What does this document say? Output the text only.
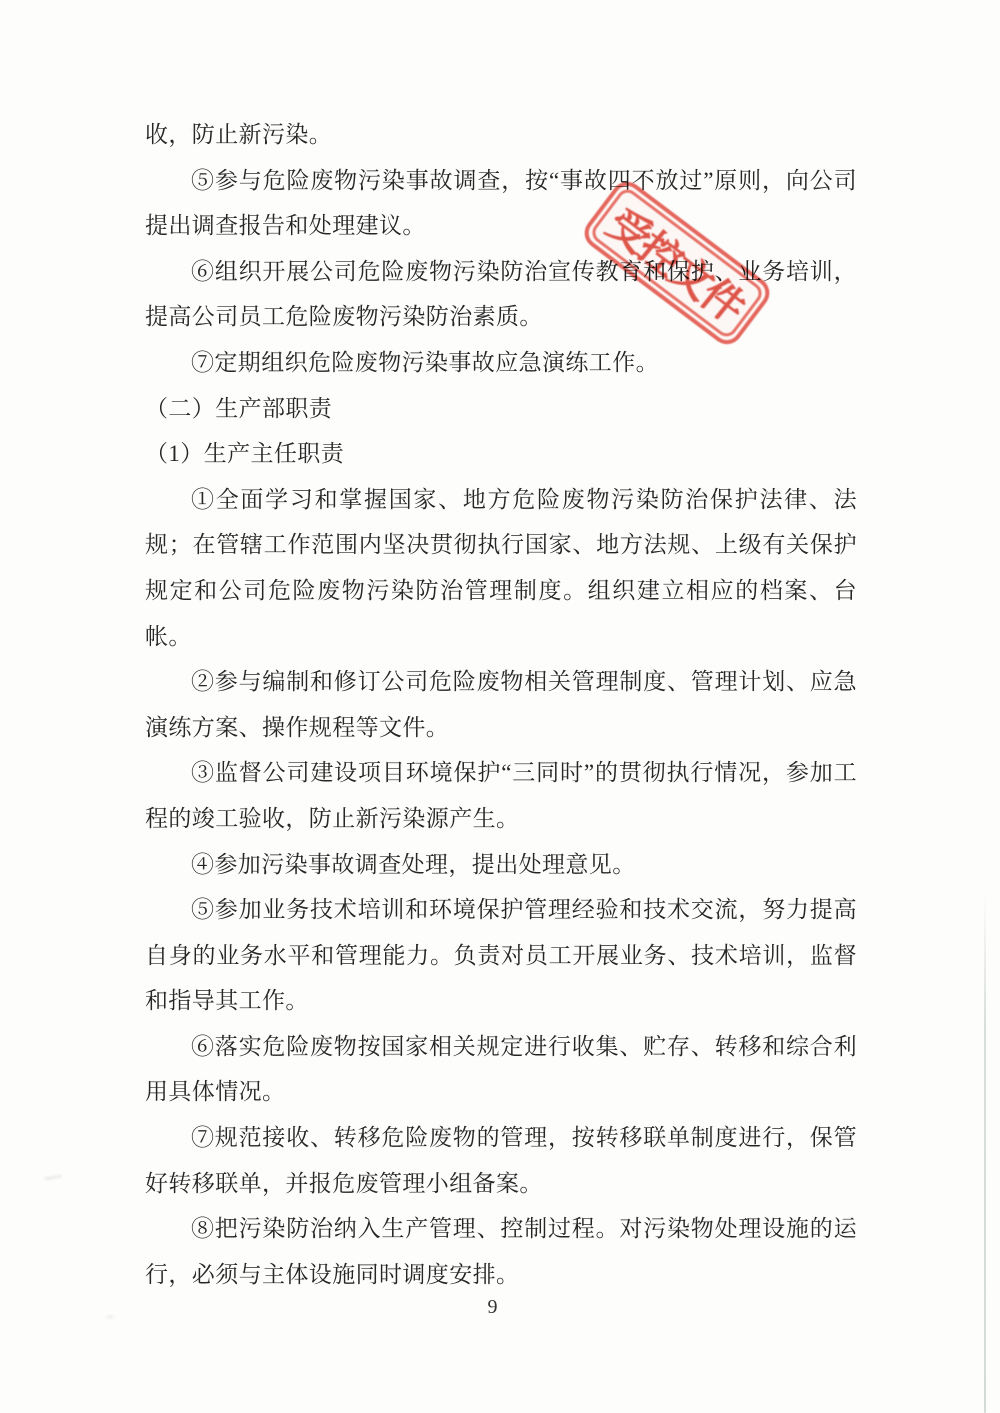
收，防止新污染。

⑤参与危险废物污染事故调查，按“事故四不放过”原则，向公司提出调查报告和处理建议。

⑥组织开展公司危险废物污染防治宣传教育和保护、业务培训，提高公司员工危险废物污染防治素质。

⑦定期组织危险废物污染事故应急演练工作。

（二）生产部职责

（1）生产主任职责

①全面学习和掌握国家、地方危险废物污染防治保护法律、法规；在管辖工作范围内坚决贯彻执行国家、地方法规、上级有关保护规定和公司危险废物污染防治管理制度。组织建立相应的档案、台帐。

②参与编制和修订公司危险废物相关管理制度、管理计划、应急演练方案、操作规程等文件。

③监督公司建设项目环境保护“三同时”的贯彻执行情况，参加工程的竣工验收，防止新污染源产生。

④参加污染事故调查处理，提出处理意见。

⑤参加业务技术培训和环境保护管理经验和技术交流，努力提高自身的业务水平和管理能力。负责对员工开展业务、技术培训，监督和指导其工作。

⑥落实危险废物按国家相关规定进行收集、贮存、转移和综合利用具体情况。

⑦规范接收、转移危险废物的管理，按转移联单制度进行，保管好转移联单，并报危废管理小组备案。

⑧把污染防治纳入生产管理、控制过程。对污染物处理设施的运行，必须与主体设施同时调度安排。

受控文件
9
